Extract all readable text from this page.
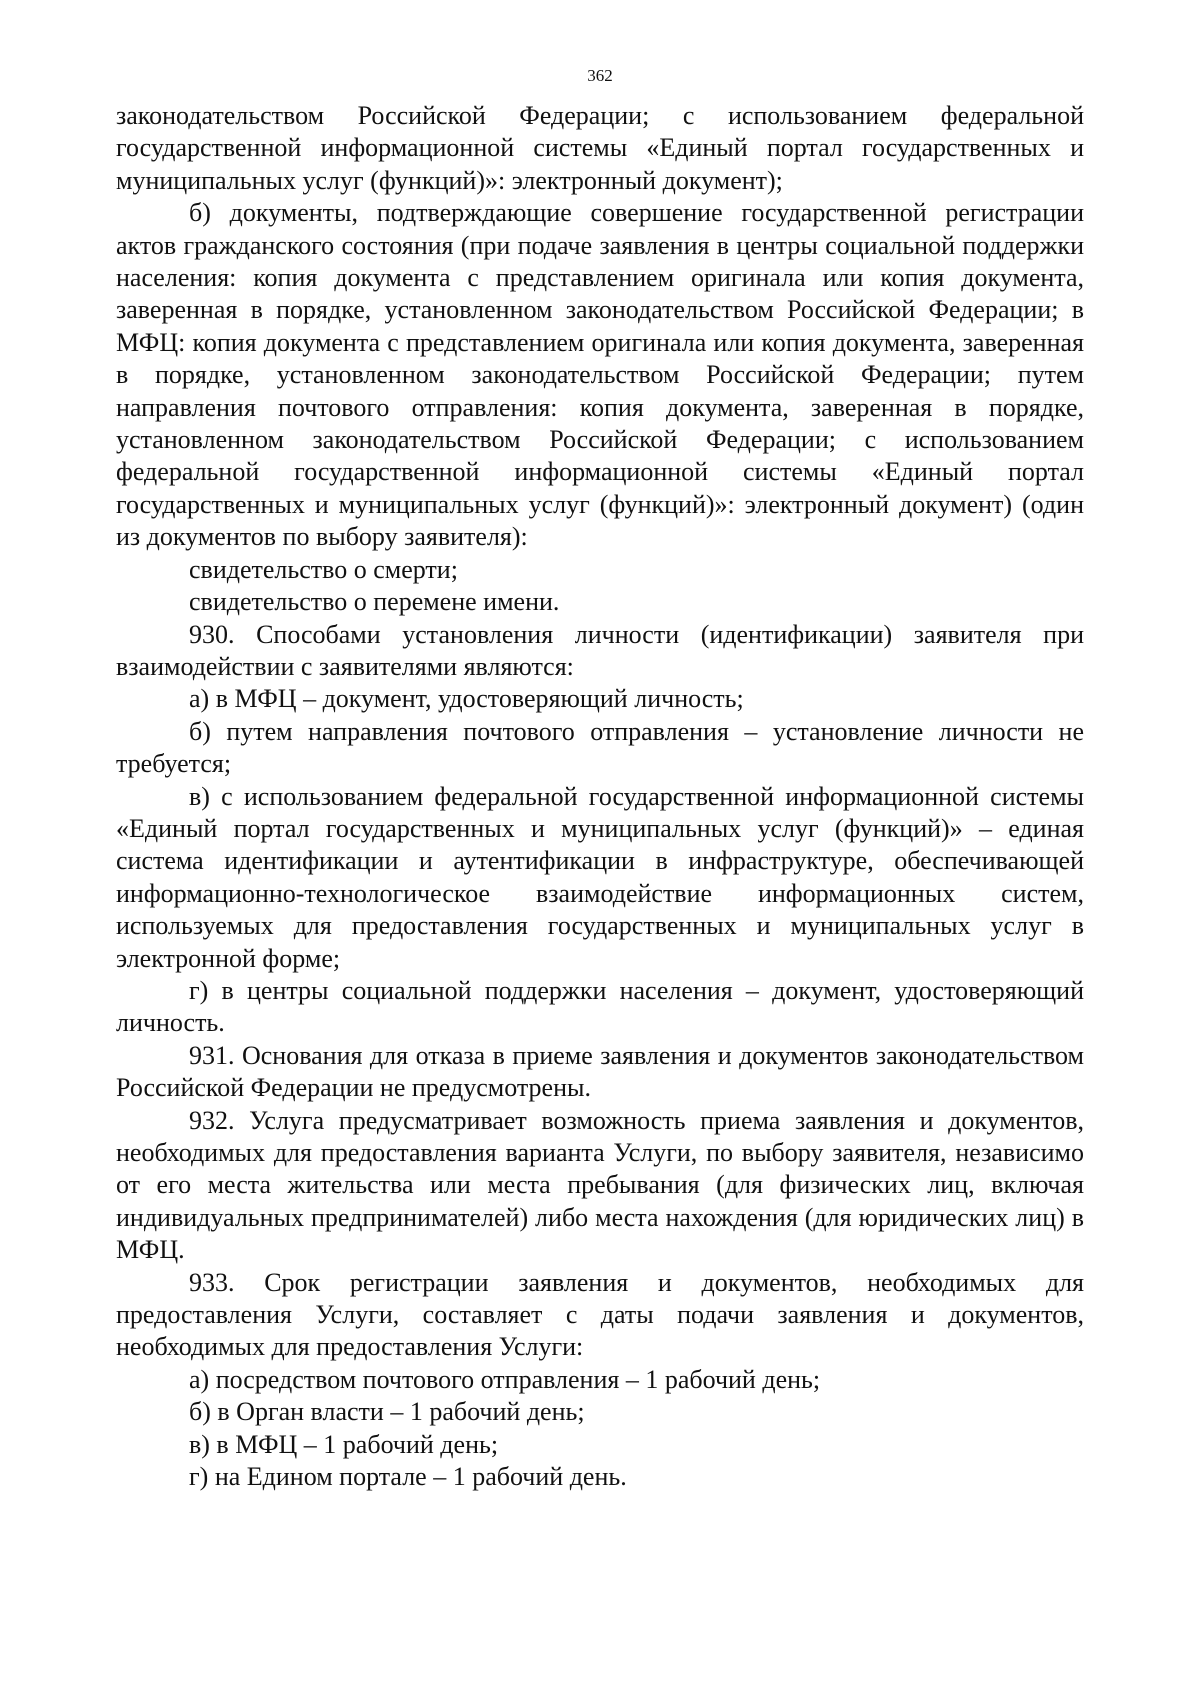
362

законодательством Российской Федерации; с использованием федеральной государственной информационной системы «Единый портал государственных и муниципальных услуг (функций)»: электронный документ);

б) документы, подтверждающие совершение государственной регистрации актов гражданского состояния (при подаче заявления в центры социальной поддержки населения: копия документа с представлением оригинала или копия документа, заверенная в порядке, установленном законодательством Российской Федерации; в МФЦ: копия документа с представлением оригинала или копия документа, заверенная в порядке, установленном законодательством Российской Федерации; путем направления почтового отправления: копия документа, заверенная в порядке, установленном законодательством Российской Федерации; с использованием федеральной государственной информационной системы «Единый портал государственных и муниципальных услуг (функций)»: электронный документ) (один из документов по выбору заявителя):

свидетельство о смерти;

свидетельство о перемене имени.

930. Способами установления личности (идентификации) заявителя при взаимодействии с заявителями являются:

а) в МФЦ – документ, удостоверяющий личность;

б) путем направления почтового отправления – установление личности не требуется;

в) с использованием федеральной государственной информационной системы «Единый портал государственных и муниципальных услуг (функций)» – единая система идентификации и аутентификации в инфраструктуре, обеспечивающей информационно-технологическое взаимодействие информационных систем, используемых для предоставления государственных и муниципальных услуг в электронной форме;

г) в центры социальной поддержки населения – документ, удостоверяющий личность.

931. Основания для отказа в приеме заявления и документов законодательством Российской Федерации не предусмотрены.

932. Услуга предусматривает возможность приема заявления и документов, необходимых для предоставления варианта Услуги, по выбору заявителя, независимо от его места жительства или места пребывания (для физических лиц, включая индивидуальных предпринимателей) либо места нахождения (для юридических лиц) в МФЦ.

933. Срок регистрации заявления и документов, необходимых для предоставления Услуги, составляет с даты подачи заявления и документов, необходимых для предоставления Услуги:

а) посредством почтового отправления – 1 рабочий день;

б) в Орган власти – 1 рабочий день;

в) в МФЦ – 1 рабочий день;

г) на Едином портале – 1 рабочий день.
